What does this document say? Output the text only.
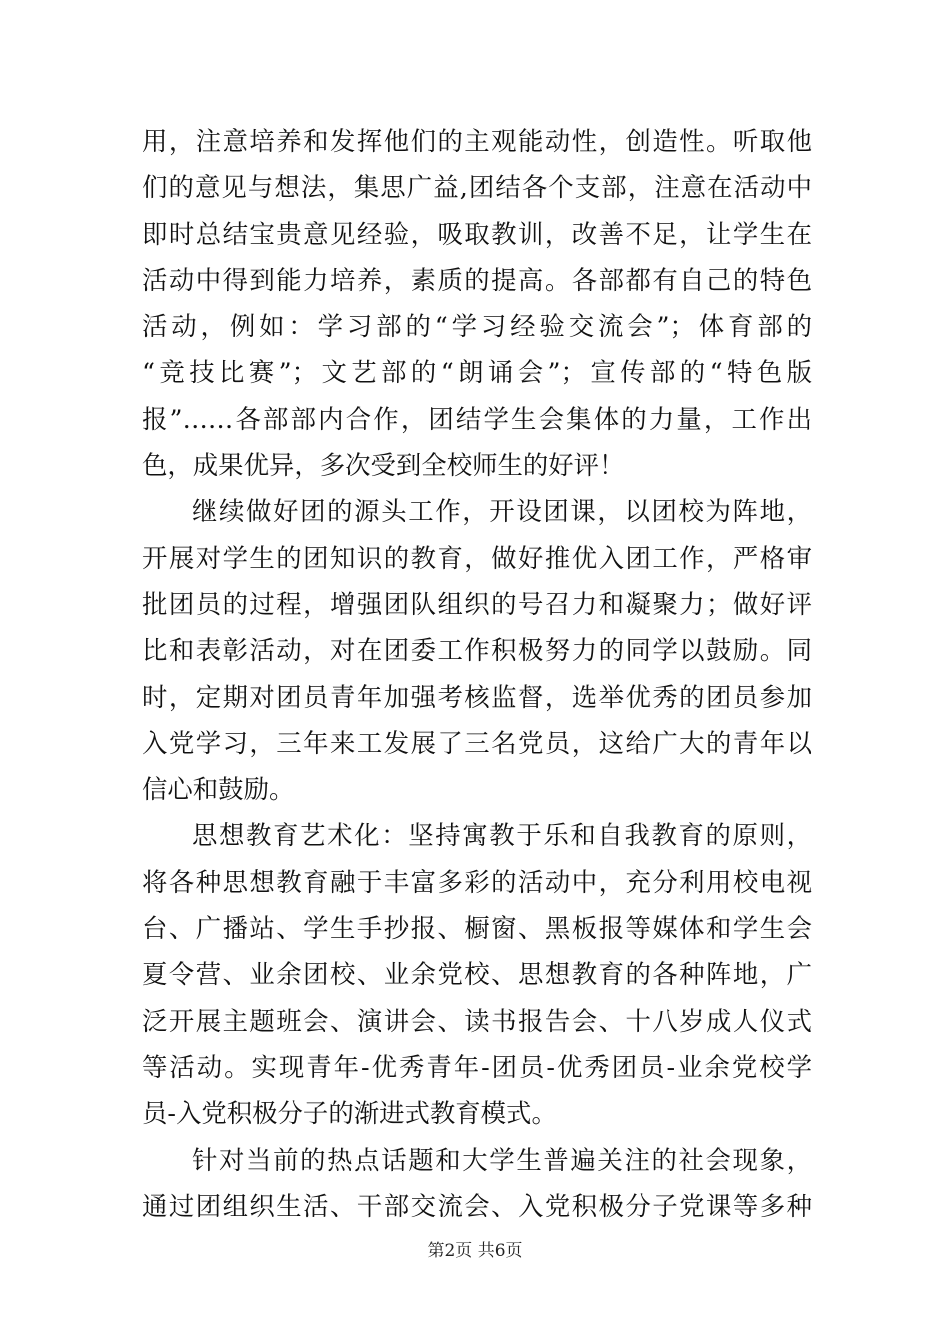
用，注意培养和发挥他们的主观能动性，创造性。听取他
们的意见与想法，集思广益,团结各个支部，注意在活动中
即时总结宝贵意见经验，吸取教训，改善不足，让学生在
活动中得到能力培养，素质的提高。各部都有自己的特色
活动，例如：学习部的“学习经验交流会”；体育部的
“竞技比赛”；文艺部的“朗诵会”；宣传部的“特色版
报”……各部部内合作，团结学生会集体的力量，工作出
色，成果优异，多次受到全校师生的好评！
继续做好团的源头工作，开设团课，以团校为阵地，
开展对学生的团知识的教育，做好推优入团工作，严格审
批团员的过程，增强团队组织的号召力和凝聚力；做好评
比和表彰活动，对在团委工作积极努力的同学以鼓励。同
时，定期对团员青年加强考核监督，选举优秀的团员参加
入党学习，三年来工发展了三名党员，这给广大的青年以
信心和鼓励。
思想教育艺术化：坚持寓教于乐和自我教育的原则，
将各种思想教育融于丰富多彩的活动中，充分利用校电视
台、广播站、学生手抄报、橱窗、黑板报等媒体和学生会
夏令营、业余团校、业余党校、思想教育的各种阵地，广
泛开展主题班会、演讲会、读书报告会、十八岁成人仪式
等活动。实现青年-优秀青年-团员-优秀团员-业余党校学
员-入党积极分子的渐进式教育模式。
针对当前的热点话题和大学生普遍关注的社会现象，
通过团组织生活、干部交流会、入党积极分子党课等多种
第2页 共6页
